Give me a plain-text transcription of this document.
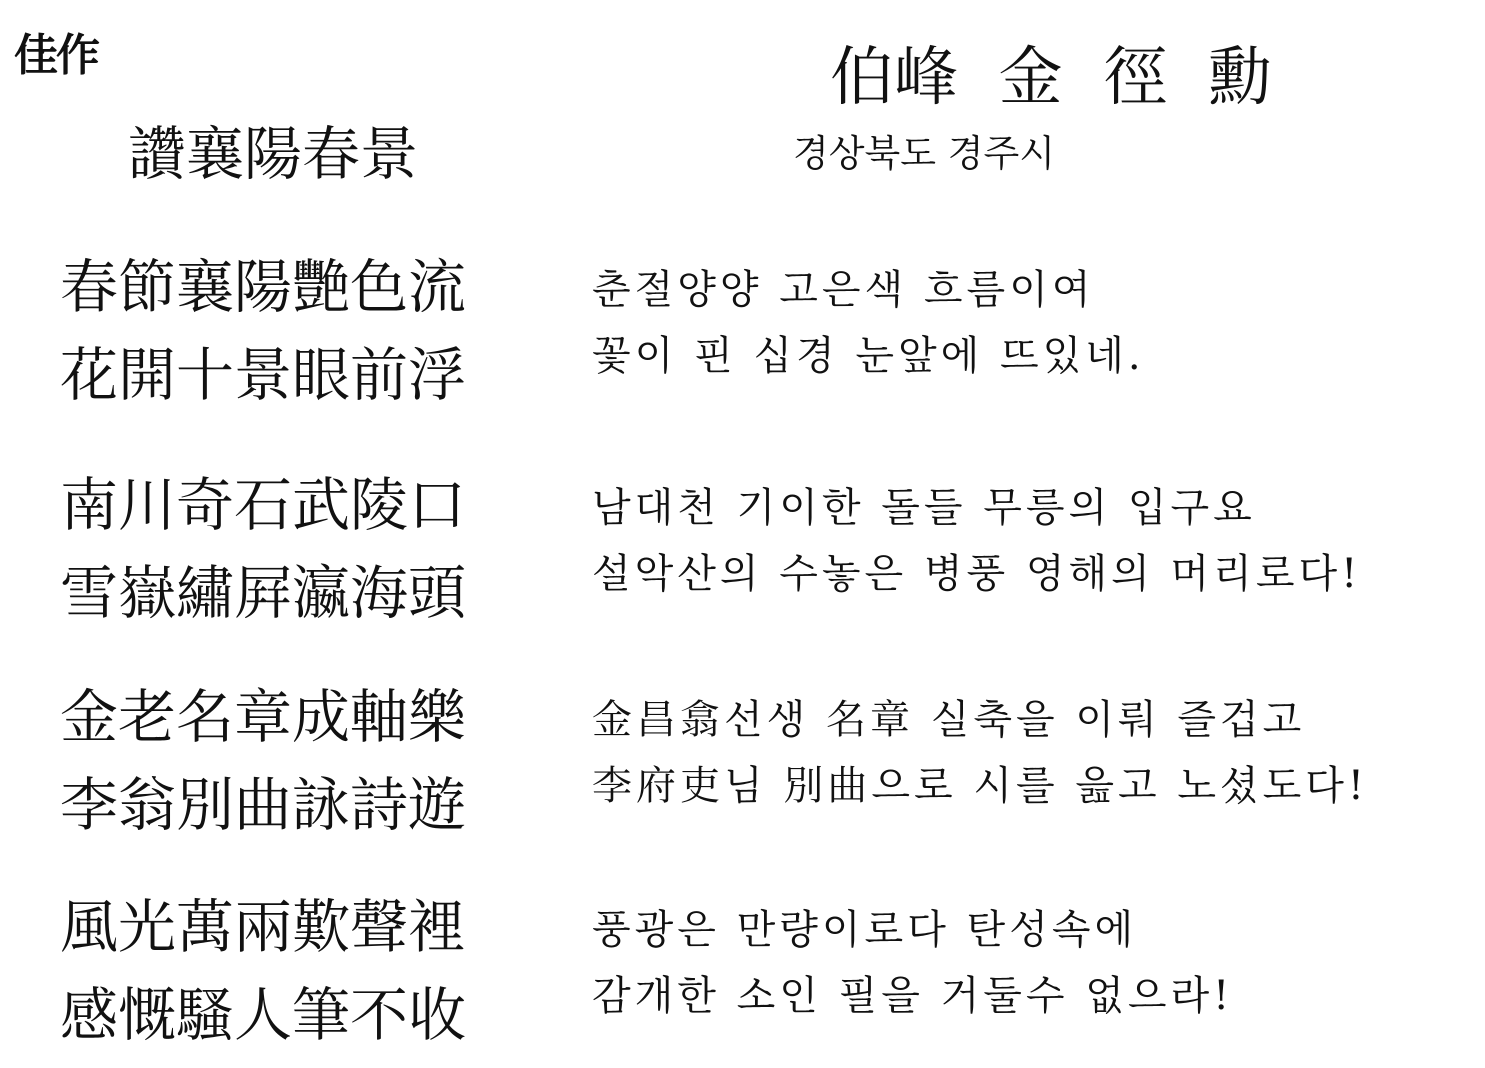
佳作
讚襄陽春景
伯峰  金  徑  勳
경상북도 경주시
春節襄陽艷色流
花開十景眼前浮
춘절양양 고은색 흐름이여
꽃이 핀 십경 눈앞에 뜨있네.
南川奇石武陵口
雪嶽繡屛瀛海頭
남대천 기이한 돌들 무릉의 입구요
설악산의 수놓은 병풍 영해의 머리로다!
金老名章成軸樂
李翁別曲詠詩遊
金昌翕선생 名章 실축을 이뤄 즐겁고
李府吏님 別曲으로 시를 읊고 노셨도다!
風光萬兩歎聲裡
感慨騷人筆不收
풍광은 만량이로다 탄성속에
감개한 소인 필을 거둘수 없으라!
